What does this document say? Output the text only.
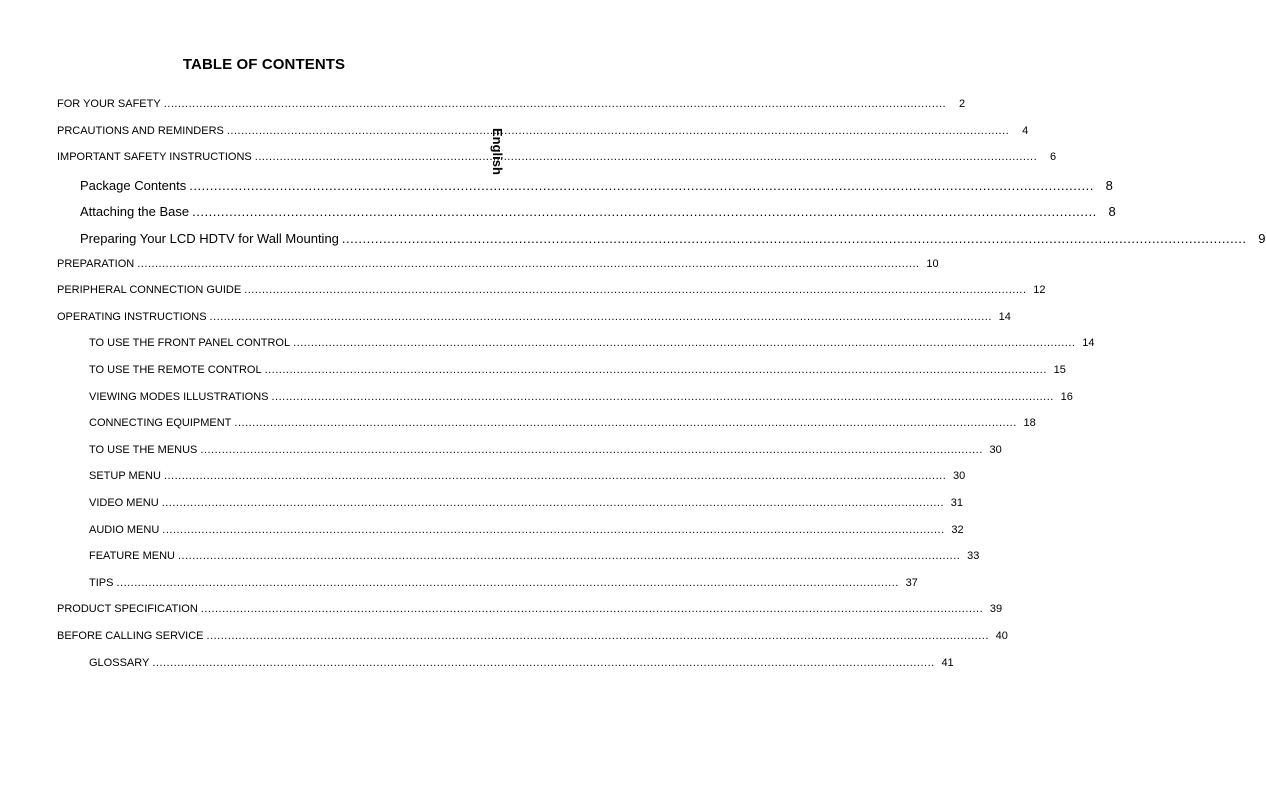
TABLE OF CONTENTS
English
FOR YOUR SAFETY ............................................................................................................................................................................................................................	2
PRCAUTIONS AND REMINDERS ............................................................................................................................................................................................................................	4
IMPORTANT SAFETY INSTRUCTIONS ............................................................................................................................................................................................................................	6
Package Contents ............................................................................................................................................................................................................................ 8
Attaching the Base ............................................................................................................................................................................................................................ 8
Preparing Your LCD HDTV for Wall Mounting ............................................................................................................................................................................................................................ 9
PREPARATION ............................................................................................................................................................................................................................ 10
PERIPHERAL CONNECTION GUIDE ............................................................................................................................................................................................................................ 12
OPERATING INSTRUCTIONS ............................................................................................................................................................................................................................ 14
TO USE THE FRONT PANEL CONTROL ............................................................................................................................................................................................................................ 14
TO USE THE REMOTE CONTROL ............................................................................................................................................................................................................................ 15
VIEWING MODES ILLUSTRATIONS ............................................................................................................................................................................................................................ 16
CONNECTING EQUIPMENT ............................................................................................................................................................................................................................ 18
TO USE THE MENUS ............................................................................................................................................................................................................................ 30
SETUP MENU ............................................................................................................................................................................................................................ 30
VIDEO MENU ............................................................................................................................................................................................................................ 31
AUDIO MENU ............................................................................................................................................................................................................................ 32
FEATURE MENU ............................................................................................................................................................................................................................ 33
TIPS ............................................................................................................................................................................................................................ 37
PRODUCT SPECIFICATION ............................................................................................................................................................................................................................ 39
BEFORE CALLING SERVICE ............................................................................................................................................................................................................................ 40
GLOSSARY ............................................................................................................................................................................................................................ 41
